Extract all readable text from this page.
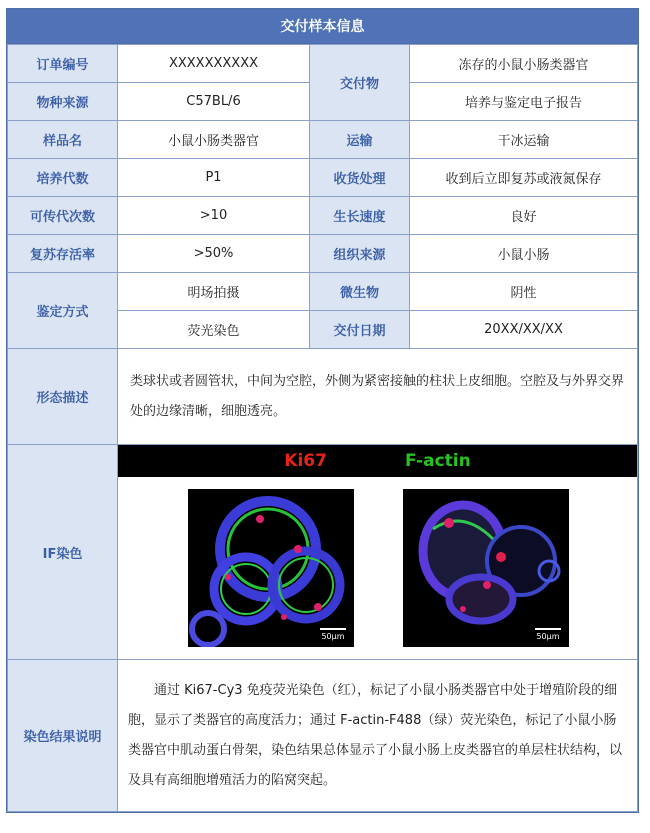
交付样本信息
订单编号	XXXXXXXXXX	交付物	冻存的小鼠小肠类器官
物种来源	C57BL/6		培养与鉴定电子报告
样品名	小鼠小肠类器官	运输	干冰运输
培养代数	P1	收货处理	收到后立即复苏或液氮保存
可传代次数	>10	生长速度	良好
复苏存活率	>50%	组织来源	小鼠小肠
鉴定方式	明场拍摄	微生物	阴性
	荧光染色	交付日期	20XX/XX/XX
形态描述	类球状或者圆管状，中间为空腔，外侧为紧密接触的柱状上皮细胞。空腔及与外界交界处的边缘清晰，细胞透亮。		
IF染色	Ki67 F-actin
50μm 50μm		

染色结果说明	通过 Ki67-Cy3 免疫荧光染色（红），标记了小鼠小肠类器官中处于增殖阶段的细胞，显示了类器官的高度活力；通过 F-actin-F488（绿）荧光染色，标记了小鼠小肠类器官中肌动蛋白骨架，染色结果总体显示了小鼠小肠上皮类器官的单层柱状结构，以及具有高细胞增殖活力的陷窝突起。		
